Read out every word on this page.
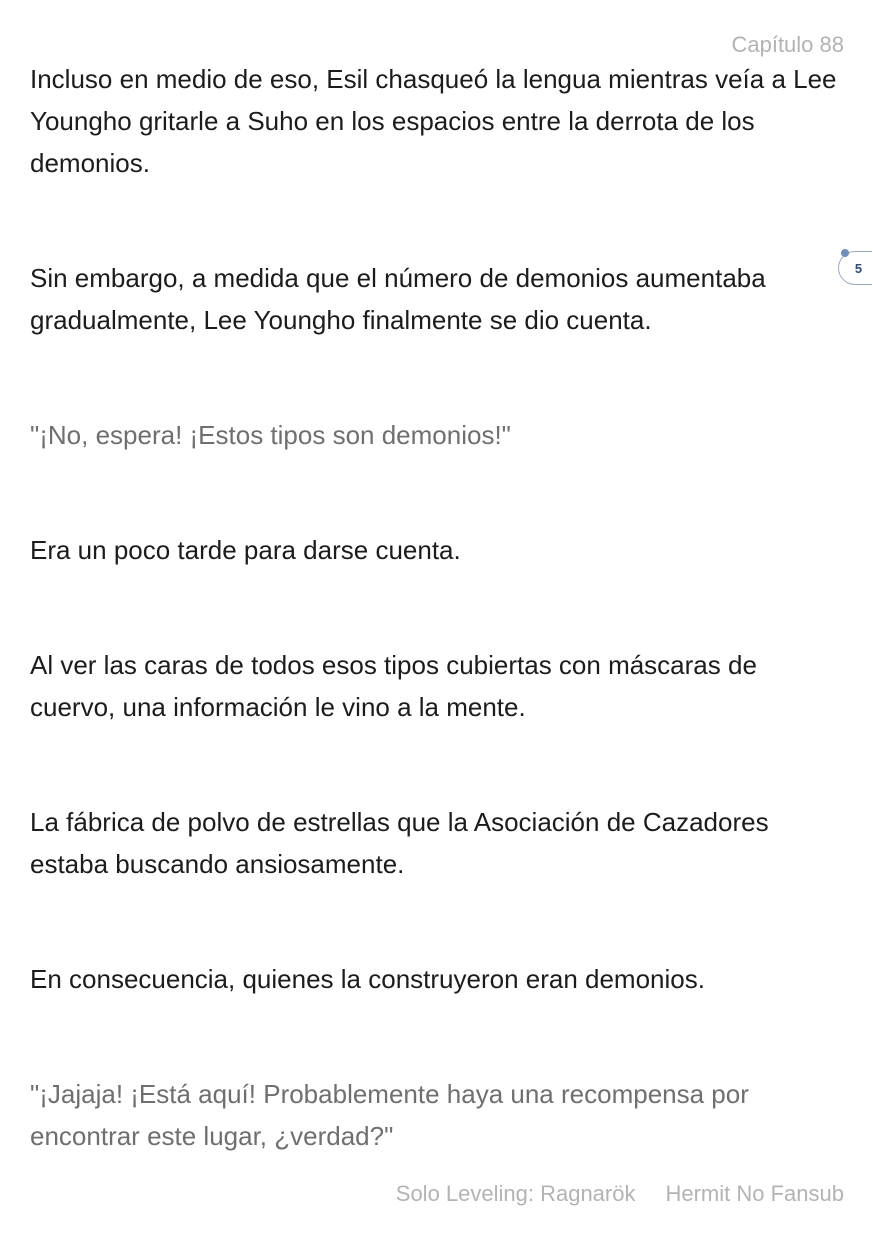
Capítulo 88

Incluso en medio de eso, Esil chasqueó la lengua mientras veía a Lee Youngho gritarle a Suho en los espacios entre la derrota de los demonios.

Sin embargo, a medida que el número de demonios aumentaba gradualmente, Lee Youngho finalmente se dio cuenta.

"¡No, espera! ¡Estos tipos son demonios!"

Era un poco tarde para darse cuenta.

Al ver las caras de todos esos tipos cubiertas con máscaras de cuervo, una información le vino a la mente.

La fábrica de polvo de estrellas que la Asociación de Cazadores estaba buscando ansiosamente.

En consecuencia, quienes la construyeron eran demonios.

"¡Jajaja! ¡Está aquí! Probablemente haya una recompensa por encontrar este lugar, ¿verdad?"

5
Solo Leveling: Ragnarök Hermit No Fansub
